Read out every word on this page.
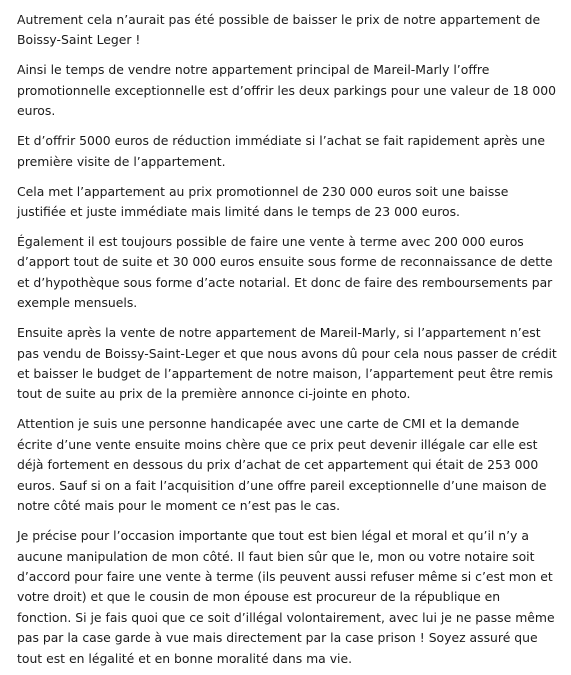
Autrement cela n’aurait pas été possible de baisser le prix de notre appartement de Boissy-Saint Leger !

Ainsi le temps de vendre notre appartement principal de Mareil-Marly l’offre promotionnelle exceptionnelle est d’offrir les deux parkings pour une valeur de 18 000 euros.

Et d’offrir 5000 euros de réduction immédiate si l’achat se fait rapidement après une première visite de l’appartement.

Cela met l’appartement au prix promotionnel de 230 000 euros soit une baisse justifiée et juste immédiate mais limité dans le temps de 23 000 euros.

Également il est toujours possible de faire une vente à terme avec 200 000 euros d’apport tout de suite et 30 000 euros ensuite sous forme de reconnaissance de dette et d’hypothèque sous forme d’acte notarial. Et donc de faire des remboursements par exemple mensuels.

Ensuite après la vente de notre appartement de Mareil-Marly, si l’appartement n’est pas vendu de Boissy-Saint-Leger et que nous avons dû pour cela nous passer de crédit et baisser le budget de l’appartement de notre maison, l’appartement peut être remis tout de suite au prix de la première annonce ci-jointe en photo.

Attention je suis une personne handicapée avec une carte de CMI et la demande écrite d’une vente ensuite moins chère que ce prix peut devenir illégale car elle est déjà fortement en dessous du prix d’achat de cet appartement qui était de 253 000 euros. Sauf si on a fait l’acquisition d’une offre pareil exceptionnelle d’une maison de notre côté mais pour le moment ce n’est pas le cas.

Je précise pour l’occasion importante que tout est bien légal et moral et qu’il n’y a aucune manipulation de mon côté. Il faut bien sûr que le, mon ou votre notaire soit d’accord pour faire une vente à terme (ils peuvent aussi refuser même si c’est mon et votre droit) et que le cousin de mon épouse est procureur de la république en fonction. Si je fais quoi que ce soit d’illégal volontairement, avec lui je ne passe même pas par la case garde à vue mais directement par la case prison ! Soyez assuré que tout est en légalité et en bonne moralité dans ma vie.
